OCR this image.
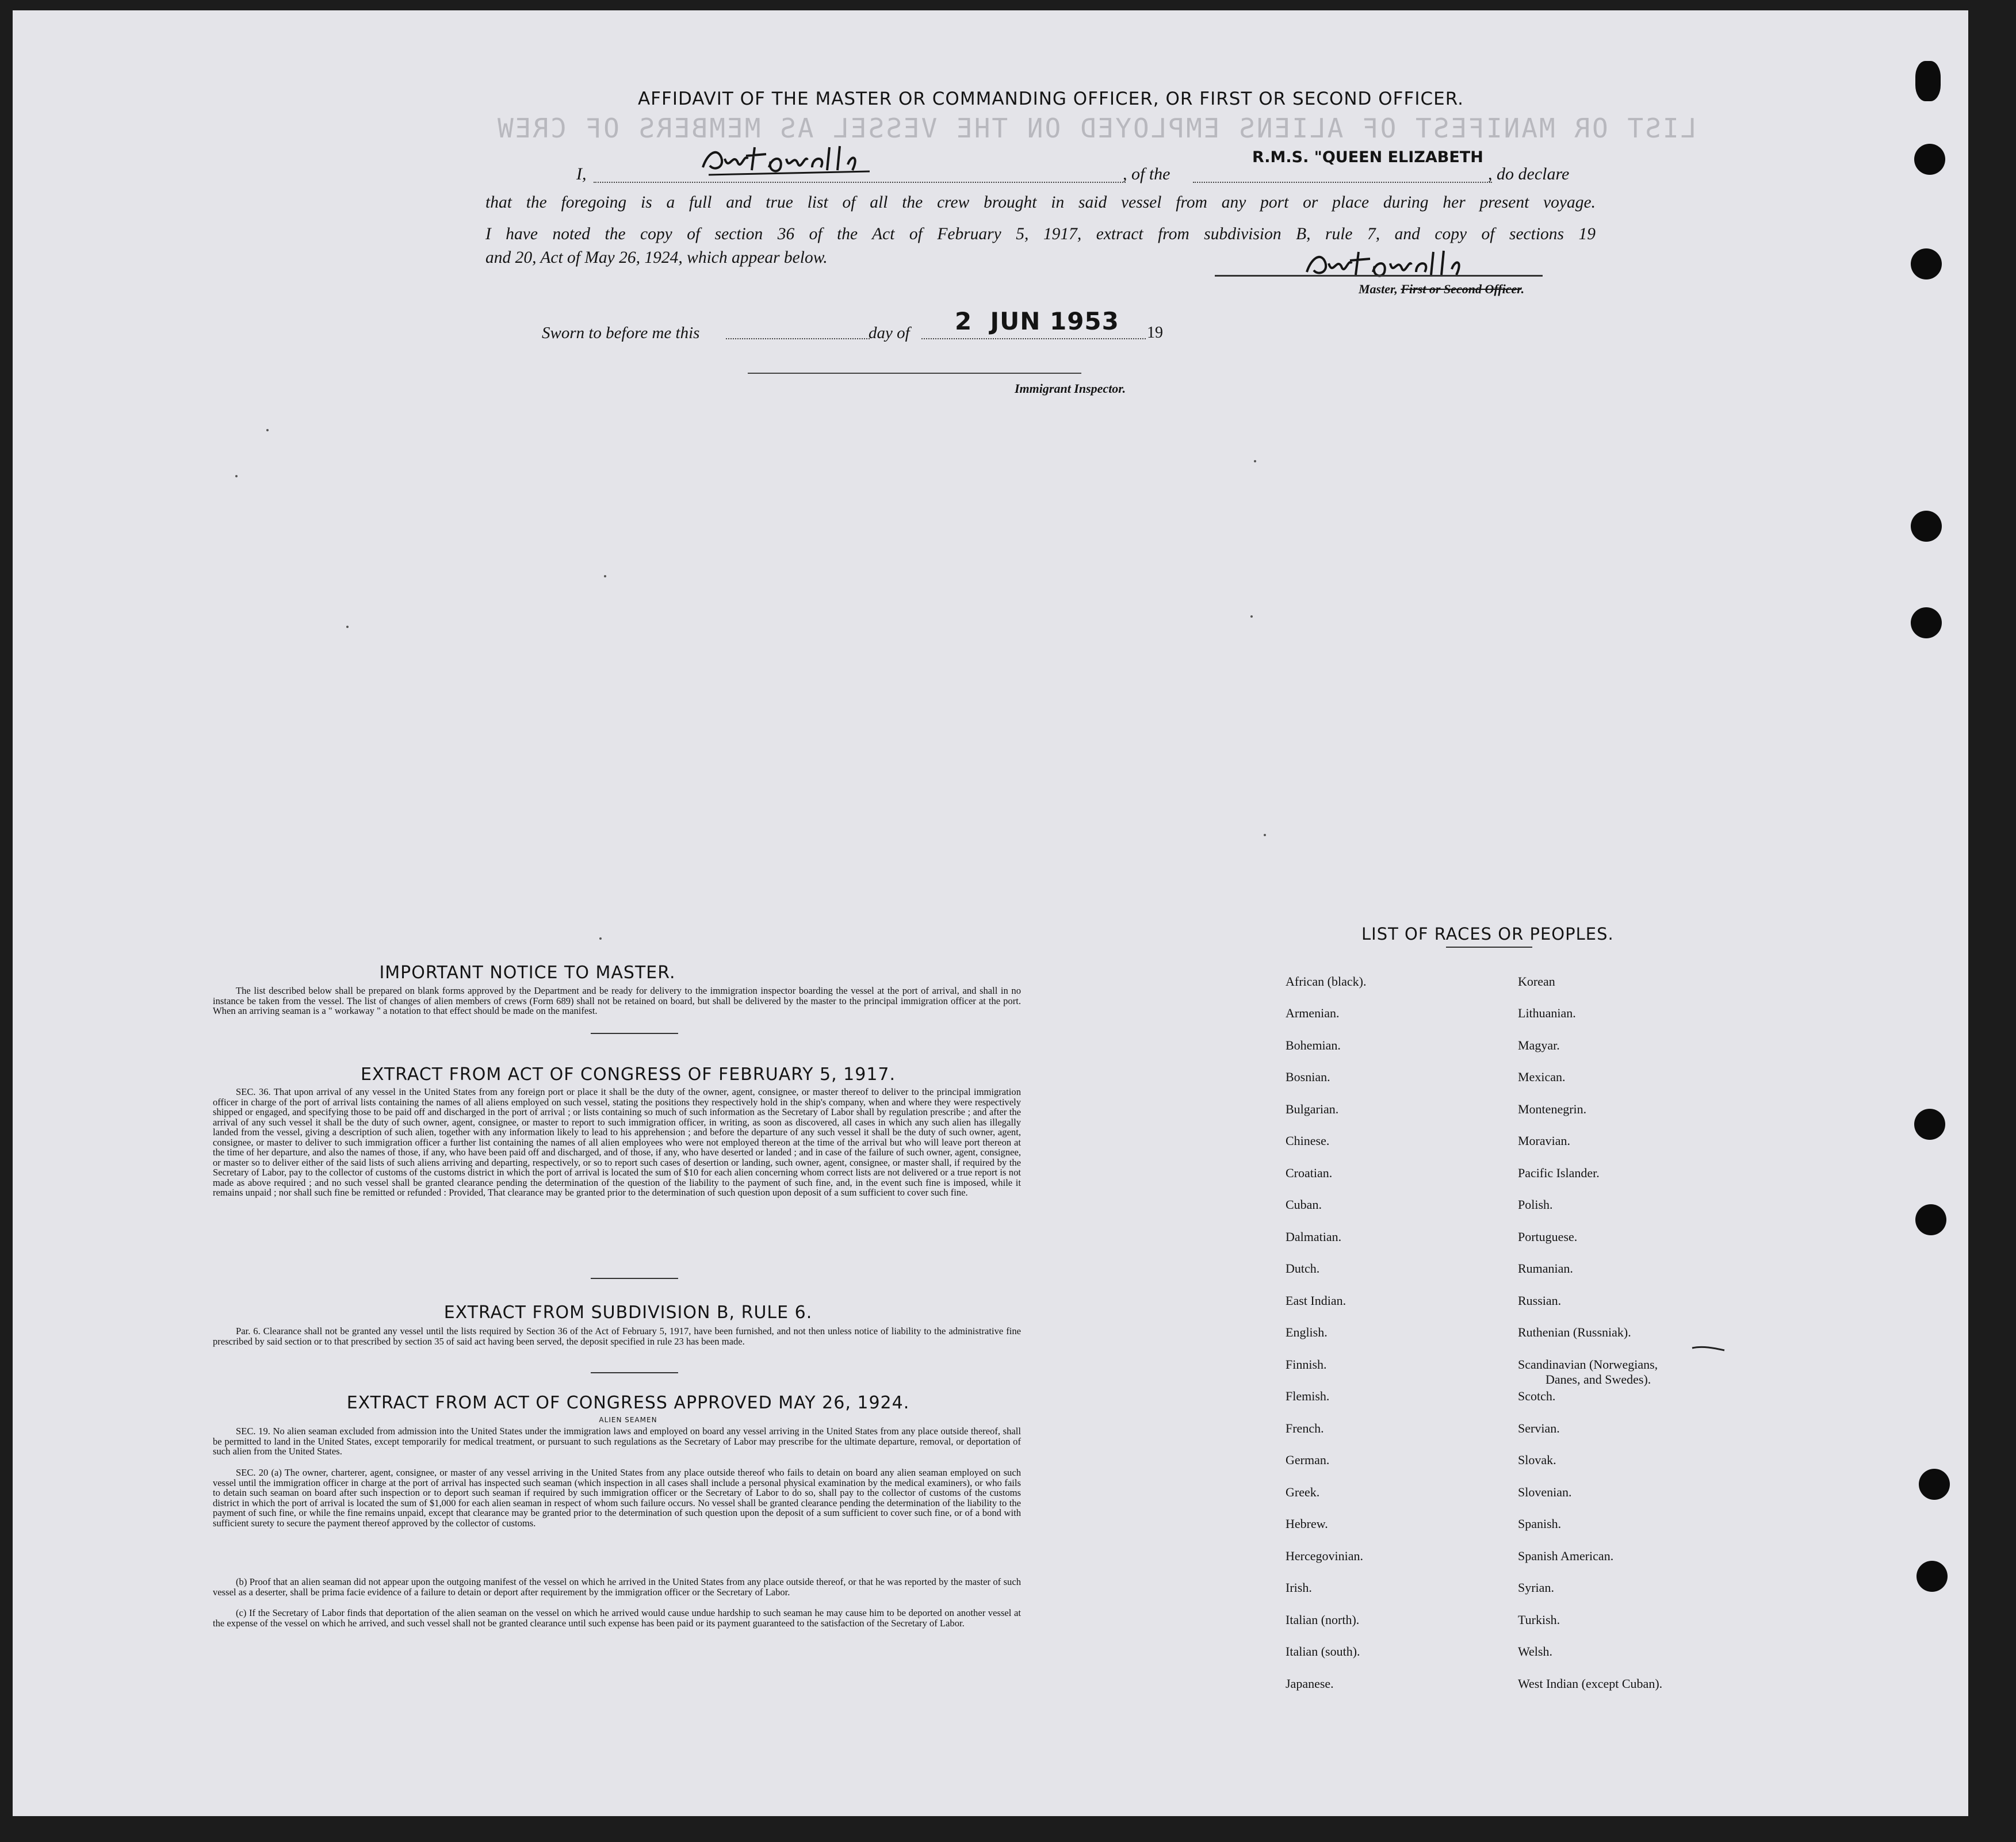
LIST OR MANIFEST OF ALIENS EMPLOYED ON THE VESSEL AS MEMBERS OF CREW
AFFIDAVIT OF THE MASTER OR COMMANDING OFFICER, OR FIRST OR SECOND OFFICER.
I,	, of the
R.M.S. "QUEEN ELIZABETH
, do declare
that the foregoing is a full and true list of all the crew brought in said vessel from any port or place during her present voyage.
I have noted the copy of section 36 of the Act of February 5, 1917, extract from subdivision B, rule 7, and copy of sections 19
and 20, Act of May 26, 1924, which appear below.
Master, First or Second Officer.
Sworn to before me this	day of 2  JUN 1953 19
Immigrant Inspector.
IMPORTANT NOTICE TO MASTER.
The list described below shall be prepared on blank forms approved by the Department and be ready for delivery to the immigration inspector boarding the vessel at the port of arrival, and shall in no instance be taken from the vessel. The list of changes of alien members of crews (Form 689) shall not be retained on board, but shall be delivered by the master to the principal immigration officer at the port. When an arriving seaman is a " workaway " a notation to that effect should be made on the manifest.
EXTRACT FROM ACT OF CONGRESS OF FEBRUARY 5, 1917.
SEC. 36. That upon arrival of any vessel in the United States from any foreign port or place it shall be the duty of the owner, agent, consignee, or master thereof to deliver to the principal immigration officer in charge of the port of arrival lists containing the names of all aliens employed on such vessel, stating the positions they respectively hold in the ship's company, when and where they were respectively shipped or engaged, and specifying those to be paid off and discharged in the port of arrival ; or lists containing so much of such information as the Secretary of Labor shall by regulation prescribe ; and after the arrival of any such vessel it shall be the duty of such owner, agent, consignee, or master to report to such immigration officer, in writing, as soon as discovered, all cases in which any such alien has illegally landed from the vessel, giving a description of such alien, together with any information likely to lead to his apprehension ; and before the departure of any such vessel it shall be the duty of such owner, agent, consignee, or master to deliver to such immigration officer a further list containing the names of all alien employees who were not employed thereon at the time of the arrival but who will leave port thereon at the time of her departure, and also the names of those, if any, who have been paid off and discharged, and of those, if any, who have deserted or landed ; and in case of the failure of such owner, agent, consignee, or master so to deliver either of the said lists of such aliens arriving and departing, respectively, or so to report such cases of desertion or landing, such owner, agent, consignee, or master shall, if required by the Secretary of Labor, pay to the collector of customs of the customs district in which the port of arrival is located the sum of $10 for each alien concerning whom correct lists are not delivered or a true report is not made as above required ; and no such vessel shall be granted clearance pending the determination of the question of the liability to the payment of such fine, and, in the event such fine is imposed, while it remains unpaid ; nor shall such fine be remitted or refunded : Provided, That clearance may be granted prior to the determination of such question upon deposit of a sum sufficient to cover such fine.
EXTRACT FROM SUBDIVISION B, RULE 6.
Par. 6. Clearance shall not be granted any vessel until the lists required by Section 36 of the Act of February 5, 1917, have been furnished, and not then unless notice of liability to the administrative fine prescribed by said section or to that prescribed by section 35 of said act having been served, the deposit specified in rule 23 has been made.
EXTRACT FROM ACT OF CONGRESS APPROVED MAY 26, 1924.
ALIEN SEAMEN
SEC. 19. No alien seaman excluded from admission into the United States under the immigration laws and employed on board any vessel arriving in the United States from any place outside thereof, shall be permitted to land in the United States, except temporarily for medical treatment, or pursuant to such regulations as the Secretary of Labor may prescribe for the ultimate departure, removal, or deportation of such alien from the United States.
SEC. 20 (a) The owner, charterer, agent, consignee, or master of any vessel arriving in the United States from any place outside thereof who fails to detain on board any alien seaman employed on such vessel until the immigration officer in charge at the port of arrival has inspected such seaman (which inspection in all cases shall include a personal physical examination by the medical examiners), or who fails to detain such seaman on board after such inspection or to deport such seaman if required by such immigration officer or the Secretary of Labor to do so, shall pay to the collector of customs of the customs district in which the port of arrival is located the sum of $1,000 for each alien seaman in respect of whom such failure occurs. No vessel shall be granted clearance pending the determination of the liability to the payment of such fine, or while the fine remains unpaid, except that clearance may be granted prior to the determination of such question upon the deposit of a sum sufficient to cover such fine, or of a bond with sufficient surety to secure the payment thereof approved by the collector of customs.
(b) Proof that an alien seaman did not appear upon the outgoing manifest of the vessel on which he arrived in the United States from any place outside thereof, or that he was reported by the master of such vessel as a deserter, shall be prima facie evidence of a failure to detain or deport after requirement by the immigration officer or the Secretary of Labor.
(c) If the Secretary of Labor finds that deportation of the alien seaman on the vessel on which he arrived would cause undue hardship to such seaman he may cause him to be deported on another vessel at the expense of the vessel on which he arrived, and such vessel shall not be granted clearance until such expense has been paid or its payment guaranteed to the satisfaction of the Secretary of Labor.
LIST OF RACES OR PEOPLES.
African (black).
Armenian.
Bohemian.
Bosnian.
Bulgarian.
Chinese.
Croatian.
Cuban.
Dalmatian.
Dutch.
East Indian.
English.
Finnish.
Flemish.
French.
German.
Greek.
Hebrew.
Hercegovinian.
Irish.
Italian (north).
Italian (south).
Japanese.
Korean
Lithuanian.
Magyar.
Mexican.
Montenegrin.
Moravian.
Pacific Islander.
Polish.
Portuguese.
Rumanian.
Russian.
Ruthenian (Russniak).
Scandinavian (Norwegians,
Danes, and Swedes).
Scotch.
Servian.
Slovak.
Slovenian.
Spanish.
Spanish American.
Syrian.
Turkish.
Welsh.
West Indian (except Cuban).
